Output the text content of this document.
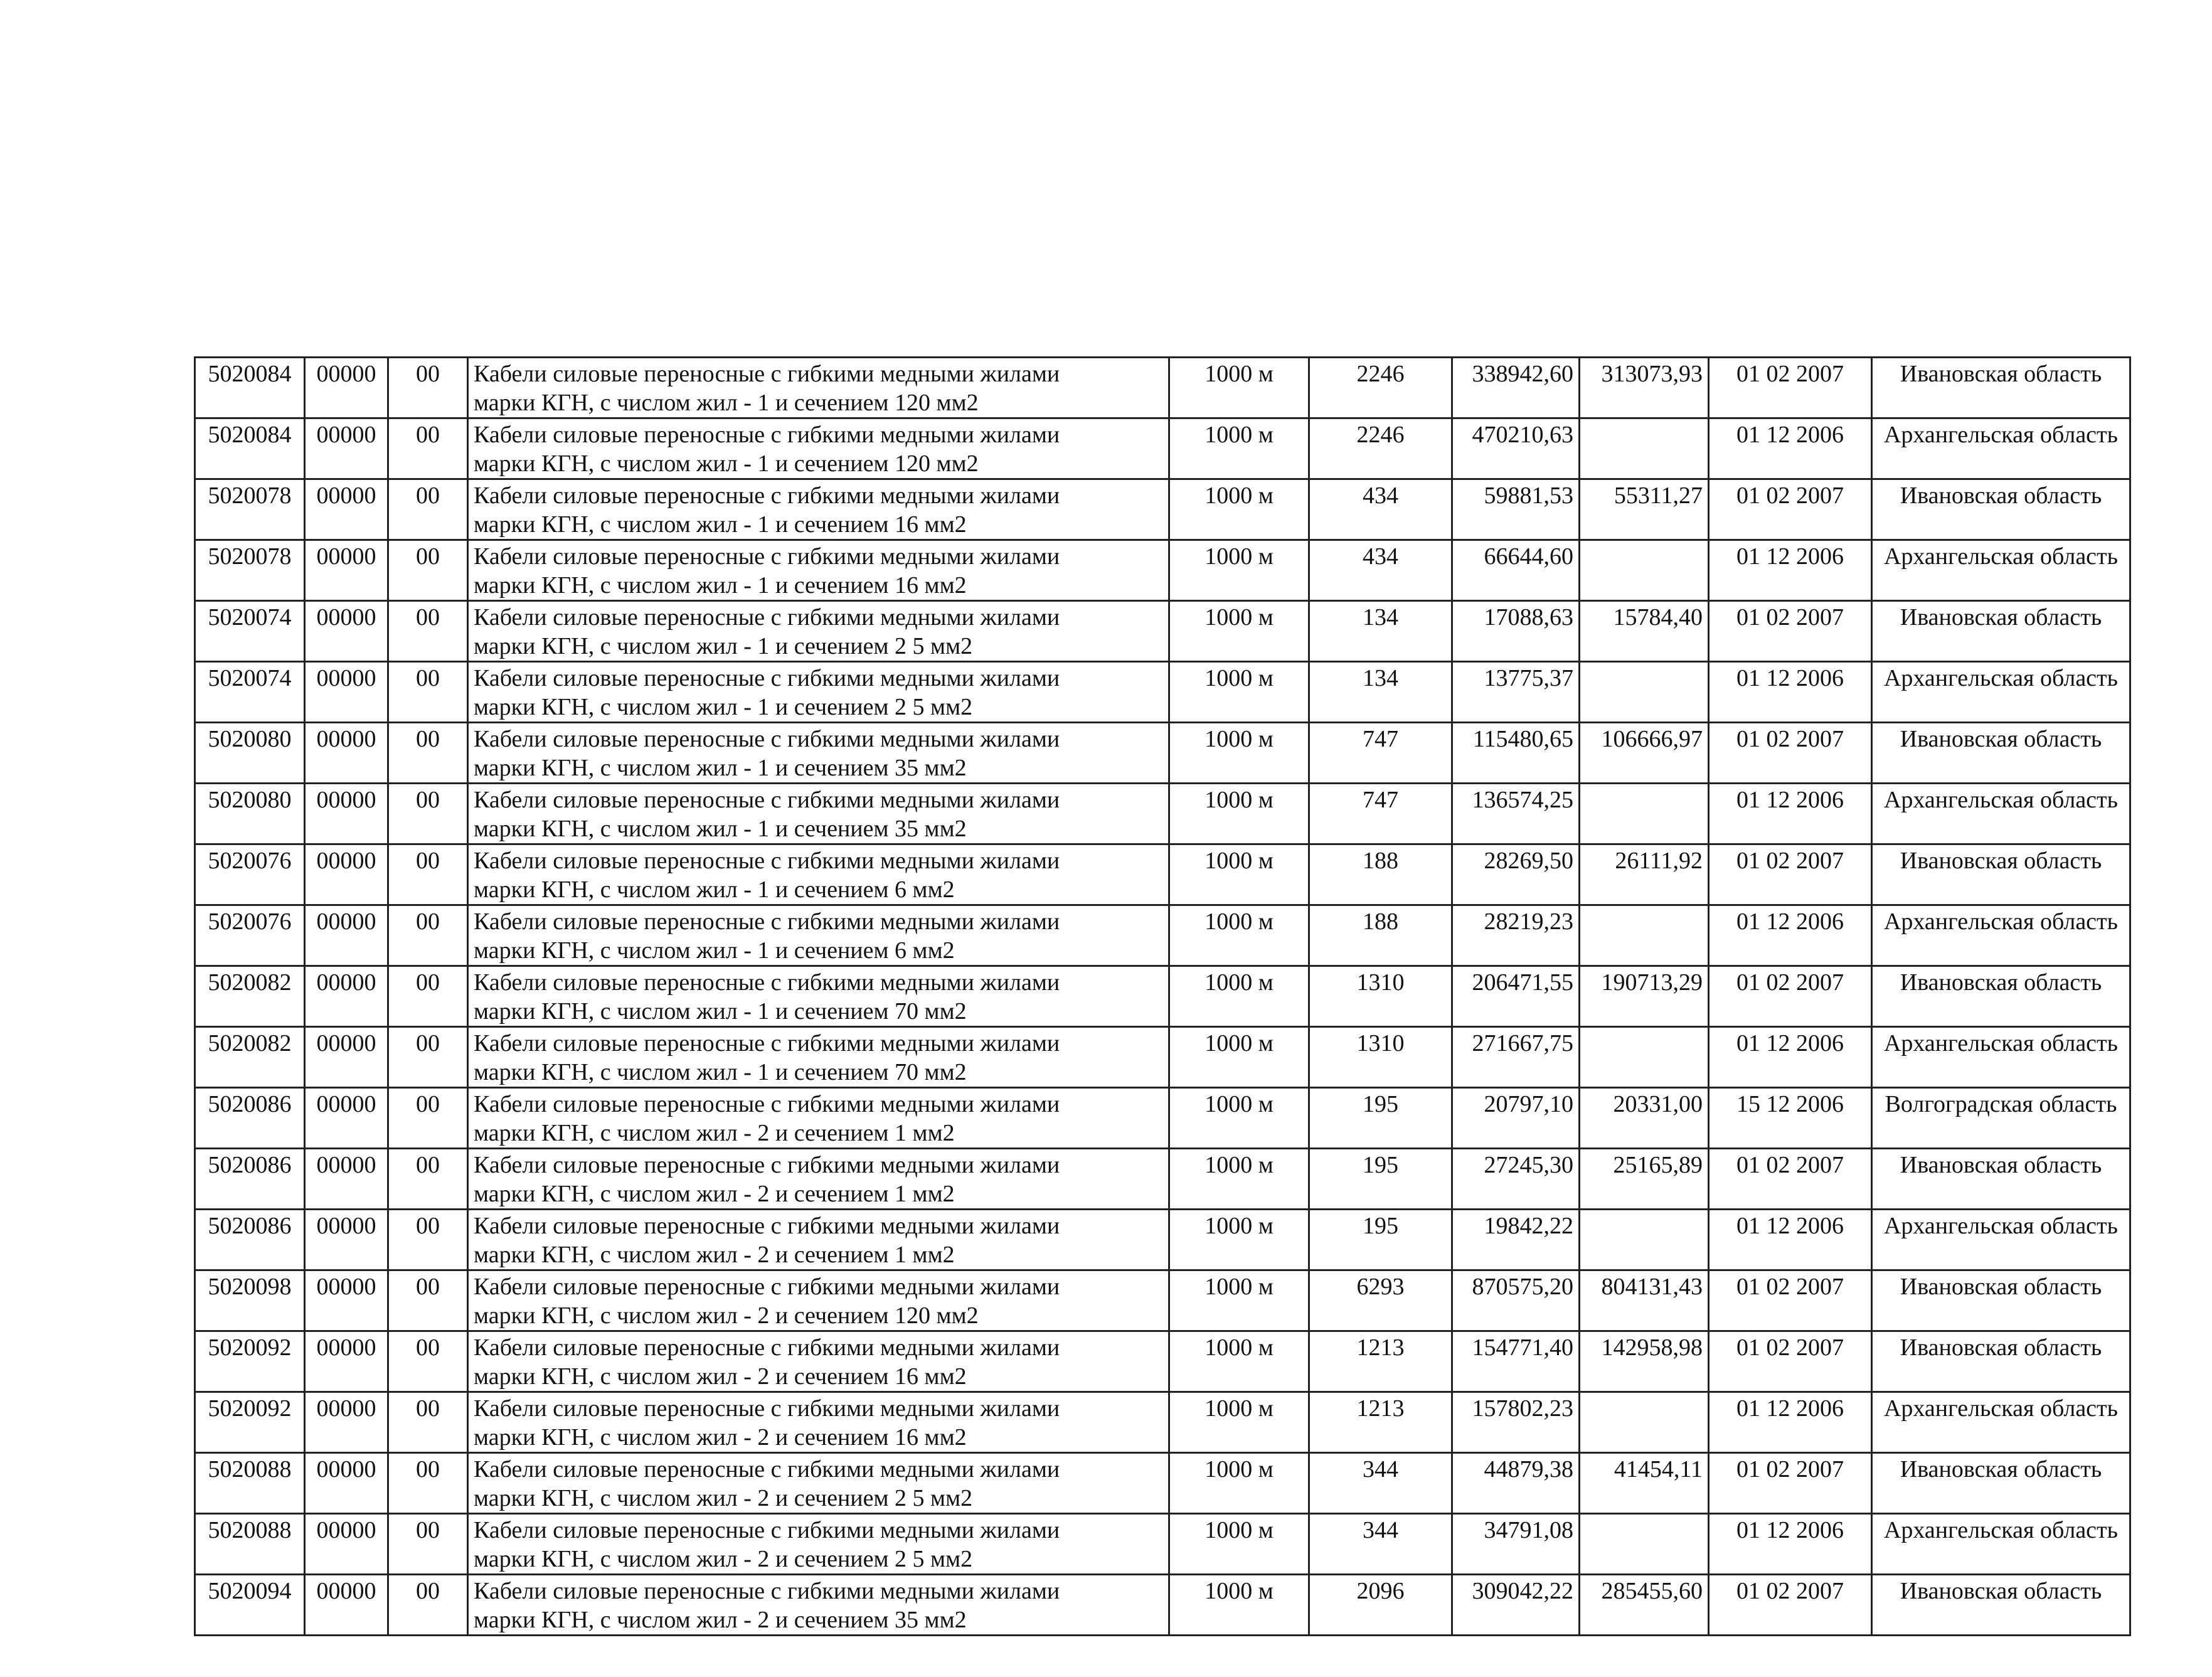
5020084	00000	00	Кабели силовые переносные с гибкими медными жилами
марки КГН, с числом жил - 1 и сечением 120 мм2	1000 м	2246	338942,60	313073,93	01 02 2007	Ивановская область
5020084	00000	00	Кабели силовые переносные с гибкими медными жилами
марки КГН, с числом жил - 1 и сечением 120 мм2	1000 м	2246	470210,63		01 12 2006	Архангельская область
5020078	00000	00	Кабели силовые переносные с гибкими медными жилами
марки КГН, с числом жил - 1 и сечением 16 мм2	1000 м	434	59881,53	55311,27	01 02 2007	Ивановская область
5020078	00000	00	Кабели силовые переносные с гибкими медными жилами
марки КГН, с числом жил - 1 и сечением 16 мм2	1000 м	434	66644,60		01 12 2006	Архангельская область
5020074	00000	00	Кабели силовые переносные с гибкими медными жилами
марки КГН, с числом жил - 1 и сечением 2 5 мм2	1000 м	134	17088,63	15784,40	01 02 2007	Ивановская область
5020074	00000	00	Кабели силовые переносные с гибкими медными жилами
марки КГН, с числом жил - 1 и сечением 2 5 мм2	1000 м	134	13775,37		01 12 2006	Архангельская область
5020080	00000	00	Кабели силовые переносные с гибкими медными жилами
марки КГН, с числом жил - 1 и сечением 35 мм2	1000 м	747	115480,65	106666,97	01 02 2007	Ивановская область
5020080	00000	00	Кабели силовые переносные с гибкими медными жилами
марки КГН, с числом жил - 1 и сечением 35 мм2	1000 м	747	136574,25		01 12 2006	Архангельская область
5020076	00000	00	Кабели силовые переносные с гибкими медными жилами
марки КГН, с числом жил - 1 и сечением 6 мм2	1000 м	188	28269,50	26111,92	01 02 2007	Ивановская область
5020076	00000	00	Кабели силовые переносные с гибкими медными жилами
марки КГН, с числом жил - 1 и сечением 6 мм2	1000 м	188	28219,23		01 12 2006	Архангельская область
5020082	00000	00	Кабели силовые переносные с гибкими медными жилами
марки КГН, с числом жил - 1 и сечением 70 мм2	1000 м	1310	206471,55	190713,29	01 02 2007	Ивановская область
5020082	00000	00	Кабели силовые переносные с гибкими медными жилами
марки КГН, с числом жил - 1 и сечением 70 мм2	1000 м	1310	271667,75		01 12 2006	Архангельская область
5020086	00000	00	Кабели силовые переносные с гибкими медными жилами
марки КГН, с числом жил - 2 и сечением 1 мм2	1000 м	195	20797,10	20331,00	15 12 2006	Волгоградская область
5020086	00000	00	Кабели силовые переносные с гибкими медными жилами
марки КГН, с числом жил - 2 и сечением 1 мм2	1000 м	195	27245,30	25165,89	01 02 2007	Ивановская область
5020086	00000	00	Кабели силовые переносные с гибкими медными жилами
марки КГН, с числом жил - 2 и сечением 1 мм2	1000 м	195	19842,22		01 12 2006	Архангельская область
5020098	00000	00	Кабели силовые переносные с гибкими медными жилами
марки КГН, с числом жил - 2 и сечением 120 мм2	1000 м	6293	870575,20	804131,43	01 02 2007	Ивановская область
5020092	00000	00	Кабели силовые переносные с гибкими медными жилами
марки КГН, с числом жил - 2 и сечением 16 мм2	1000 м	1213	154771,40	142958,98	01 02 2007	Ивановская область
5020092	00000	00	Кабели силовые переносные с гибкими медными жилами
марки КГН, с числом жил - 2 и сечением 16 мм2	1000 м	1213	157802,23		01 12 2006	Архангельская область
5020088	00000	00	Кабели силовые переносные с гибкими медными жилами
марки КГН, с числом жил - 2 и сечением 2 5 мм2	1000 м	344	44879,38	41454,11	01 02 2007	Ивановская область
5020088	00000	00	Кабели силовые переносные с гибкими медными жилами
марки КГН, с числом жил - 2 и сечением 2 5 мм2	1000 м	344	34791,08		01 12 2006	Архангельская область
5020094	00000	00	Кабели силовые переносные с гибкими медными жилами
марки КГН, с числом жил - 2 и сечением 35 мм2	1000 м	2096	309042,22	285455,60	01 02 2007	Ивановская область
